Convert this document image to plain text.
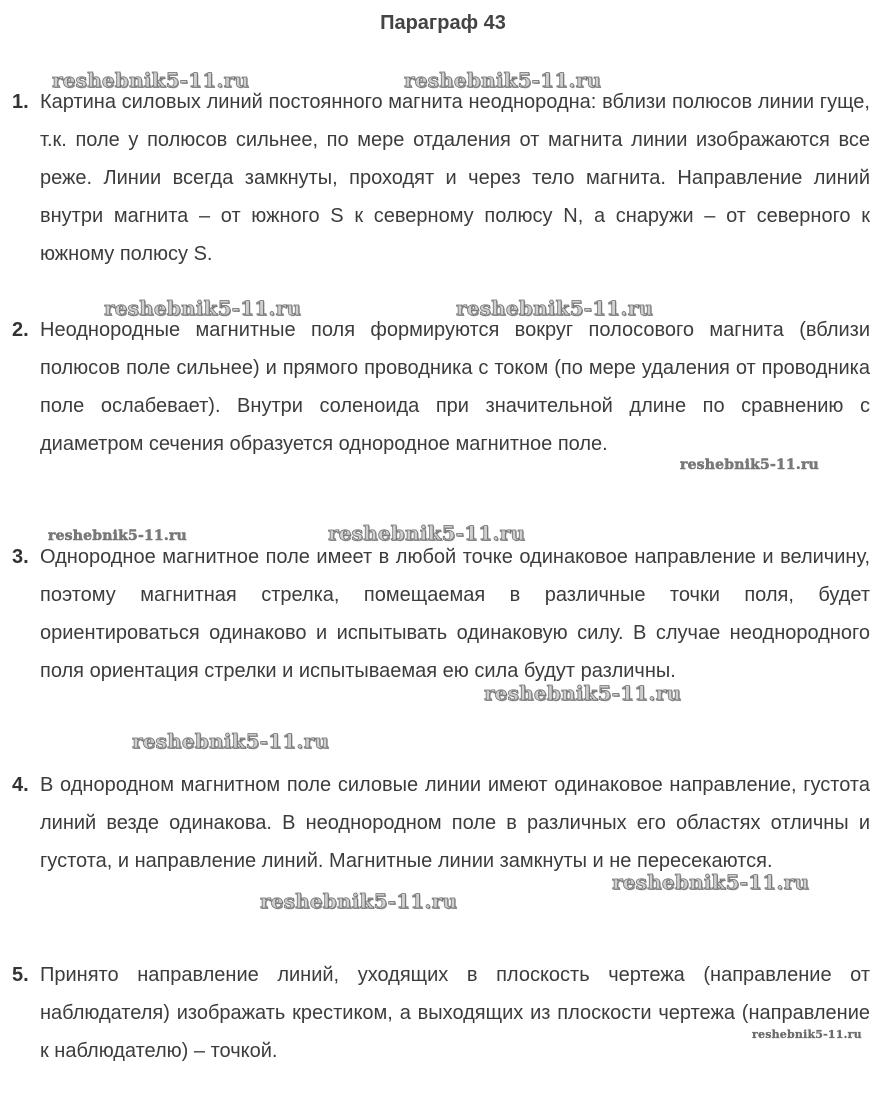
Параграф 43
reshebnik5-11.ru	reshebnik5-11.ru
reshebnik5-11.ru	reshebnik5-11.ru
reshebnik5-11.ru
reshebnik5-11.ru	reshebnik5-11.ru
reshebnik5-11.ru
reshebnik5-11.ru
reshebnik5-11.ru
reshebnik5-11.ru
reshebnik5-11.ru
1. Картина силовых линий постоянного магнита неоднородна: вблизи полюсов линии гуще, т.к. поле у полюсов сильнее, по мере отдаления от магнита линии изображаются все реже. Линии всегда замкнуты, проходят и через тело магнита. Направление линий внутри магнита – от южного S к северному полюсу N, а снаружи – от северного к южному полюсу S.
2. Неоднородные магнитные поля формируются вокруг полосового магнита (вблизи полюсов поле сильнее) и прямого проводника с током (по мере удаления от проводника поле ослабевает). Внутри соленоида при значительной длине по сравнению с диаметром сечения образуется однородное магнитное поле.
3. Однородное магнитное поле имеет в любой точке одинаковое направление и величину, поэтому магнитная стрелка, помещаемая в различные точки поля, будет ориентироваться одинаково и испытывать одинаковую силу. В случае неоднородного поля ориентация стрелки и испытываемая ею сила будут различны.
4. В однородном магнитном поле силовые линии имеют одинаковое направление, густота линий везде одинакова. В неоднородном поле в различных его областях отличны и густота, и направление линий. Магнитные линии замкнуты и не пересекаются.
5. Принято направление линий, уходящих в плоскость чертежа (направление от наблюдателя) изображать крестиком, а выходящих из плоскости чертежа (направление к наблюдателю) – точкой.
